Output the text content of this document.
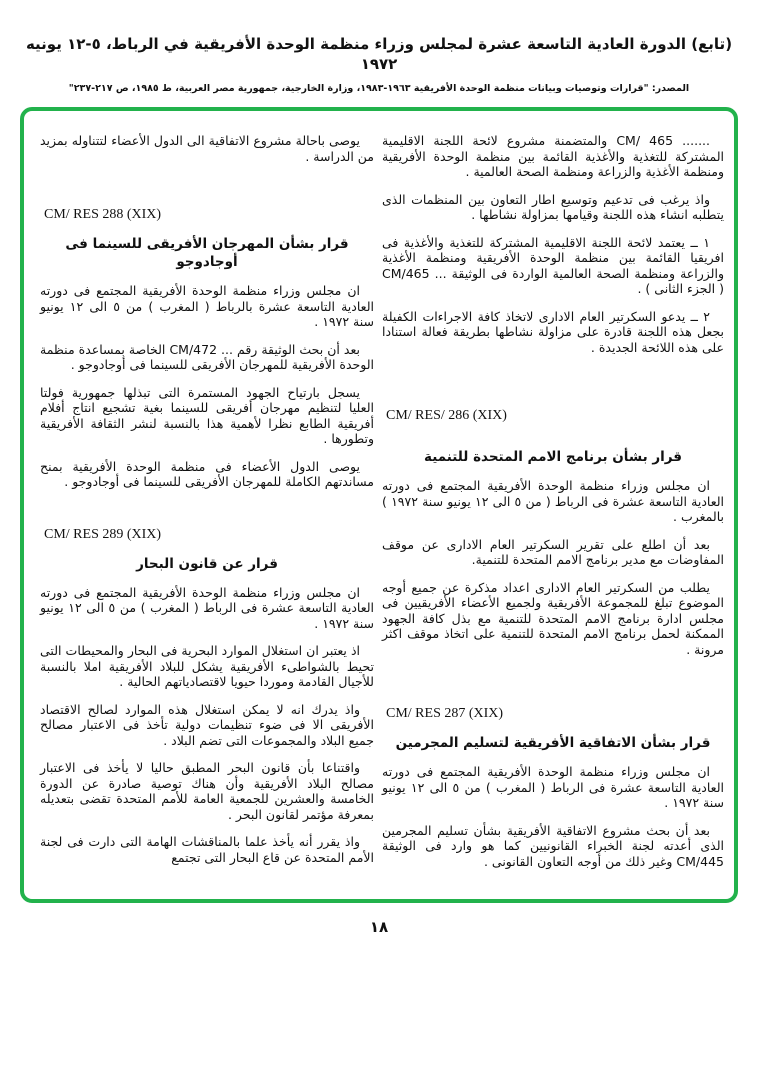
(تابع) الدورة العادية التاسعة عشرة لمجلس وزراء منظمة الوحدة الأفريقية في الرباط، ٥-١٢ يونيه ١٩٧٢
المصدر: "قرارات وتوصيات وبيانات منظمة الوحدة الأفريقية ١٩٦٣-١٩٨٣، وزارة الخارجية، جمهورية مصر العربية، ط ١٩٨٥، ص ٢١٧-٢٣٧"
....... CM/ 465 والمتضمنة مشروع لائحة اللجنة الاقليمية المشتركة للتغذية والأغذية القائمة بين منظمة الوحدة الأفريقية ومنظمة الأغذية والزراعة ومنظمة الصحة العالمية .
واذ يرغب فى تدعيم وتوسيع اطار التعاون بين المنظمات الذى يتطلبه انشاء هذه اللجنة وقيامها بمزاولة نشاطها .
١ ــ يعتمد لائحة اللجنة الاقليمية المشتركة للتغذية والأغذية فى افريقيا القائمة بين منظمة الوحدة الأفريقية ومنظمة الأغذية والزراعة ومنظمة الصحة العالمية الواردة فى الوثيقة ... CM/465 ( الجزء الثانى ) .
٢ ــ يدعو السكرتير العام الادارى لاتخاذ كافة الاجراءات الكفيلة بجعل هذه اللجنة قادرة على مزاولة نشاطها بطريقة فعالة استنادا على هذه اللائحة الجديدة .
CM/ RES/ 286 (XIX)
قرار بشأن برنامج الامم المتحدة للتنمية
ان مجلس وزراء منظمة الوحدة الأفريقية المجتمع فى دورته العادية التاسعة عشرة فى الرباط ( من ٥ الى ١٢ يونيو سنة ١٩٧٢ ) بالمغرب .
بعد أن اطلع على تقرير السكرتير العام الادارى عن موقف المفاوضات مع مدير برنامج الامم المتحدة للتنمية.
يطلب من السكرتير العام الادارى اعداد مذكرة عن جميع أوجه الموضوع تبلغ للمجموعة الأفريقية ولجميع الأعضاء الأفريقيين فى مجلس ادارة برنامج الامم المتحدة للتنمية مع بذل كافة الجهود الممكنة لحمل برنامج الامم المتحدة للتنمية على اتخاذ موقف اكثر مرونة .
CM/ RES 287 (XIX)
قرار بشأن الاتفاقية الأفريقية لتسليم المجرمين
ان مجلس وزراء منظمة الوحدة الأفريقية المجتمع فى دورته العادية التاسعة عشرة فى الرباط ( المغرب ) من ٥ الى ١٢ يونيو سنة ١٩٧٢ .
بعد أن بحث مشروع الاتفاقية الأفريقية بشأن تسليم المجرمين الذى أعدته لجنة الخبراء القانونيين كما هو وارد فى الوثيقة CM/445 وغير ذلك من أوجه التعاون القانونى .
يوصى باحالة مشروع الاتفاقية الى الدول الأعضاء لتتناوله بمزيد من الدراسة .
CM/ RES 288 (XIX)
قرار بشأن المهرجان الأفريقى للسينما فى أوجادوجو
ان مجلس وزراء منظمة الوحدة الأفريقية المجتمع فى دورته العادية التاسعة عشرة بالرباط ( المغرب ) من ٥ الى ١٢ يونيو سنة ١٩٧٢ .
بعد أن بحث الوثيقة رقم ... CM/472 الخاصة بمساعدة منظمة الوحدة الأفريقية للمهرجان الأفريقى للسينما فى أوجادوجو .
يسجل بارتياح الجهود المستمرة التى تبذلها جمهورية فولتا العليا لتنظيم مهرجان أفريقى للسينما بغية تشجيع انتاج أفلام أفريقية الطابع نظرا لأهمية هذا بالنسبة لنشر الثقافة الأفريقية وتطورها .
يوصى الدول الأعضاء فى منظمة الوحدة الأفريقية بمنح مساندتهم الكاملة للمهرجان الأفريقى للسينما فى أوجادوجو .
CM/ RES 289 (XIX)
قرار عن قانون البحار
ان مجلس وزراء منظمة الوحدة الأفريقية المجتمع فى دورته العادية التاسعة عشرة فى الرباط ( المغرب ) من ٥ الى ١٢ يونيو سنة ١٩٧٢ .
اذ يعتبر ان استغلال الموارد البحرية فى البحار والمحيطات التى تحيط بالشواطىء الأفريقية يشكل للبلاد الأفريقية املا بالنسبة للأجيال القادمة وموردا حيويا لاقتصادياتهم الحالية .
واذ يدرك انه لا يمكن استغلال هذه الموارد لصالح الاقتصاد الأفريقى الا فى ضوء تنظيمات دولية تأخذ فى الاعتبار مصالح جميع البلاد والمجموعات التى تضم البلاد .
واقتناعا بأن قانون البحر المطبق حاليا لا يأخذ فى الاعتبار مصالح البلاد الأفريقية وأن هناك توصية صادرة عن الدورة الخامسة والعشرين للجمعية العامة للأمم المتحدة تقضى بتعديله بمعرفة مؤتمر لقانون البحر .
واذ يقرر أنه يأخذ علما بالمناقشات الهامة التى دارت فى لجنة الأمم المتحدة عن قاع البحار التى تجتمع
١٨
